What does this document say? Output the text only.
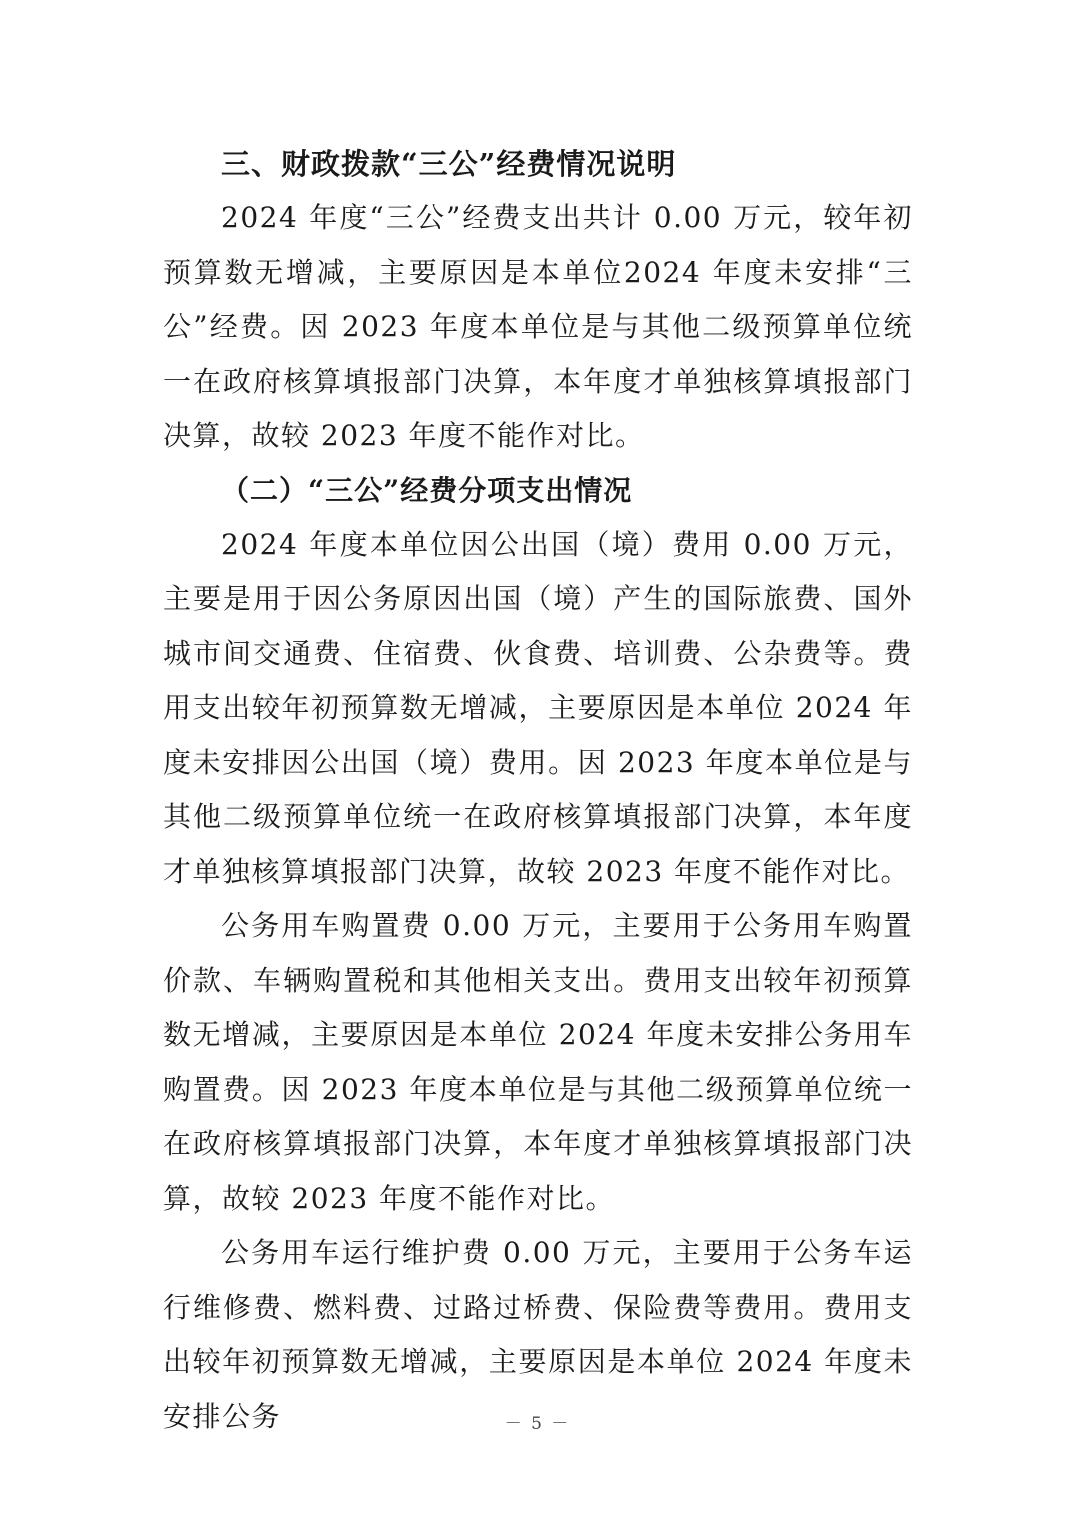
三、财政拨款“三公”经费情况说明

2024 年度“三公”经费支出共计 0.00 万元，较年初预算数无增减，主要原因是本单位2024 年度未安排“三公”经费。因 2023 年度本单位是与其他二级预算单位统一在政府核算填报部门决算，本年度才单独核算填报部门决算，故较 2023 年度不能作对比。

（二）“三公”经费分项支出情况

2024 年度本单位因公出国（境）费用 0.00 万元，主要是用于因公务原因出国（境）产生的国际旅费、国外城市间交通费、住宿费、伙食费、培训费、公杂费等。费用支出较年初预算数无增减，主要原因是本单位 2024 年度未安排因公出国（境）费用。因 2023 年度本单位是与其他二级预算单位统一在政府核算填报部门决算，本年度才单独核算填报部门决算，故较 2023 年度不能作对比。

公务用车购置费 0.00 万元，主要用于公务用车购置价款、车辆购置税和其他相关支出。费用支出较年初预算数无增减，主要原因是本单位 2024 年度未安排公务用车购置费。因 2023 年度本单位是与其他二级预算单位统一在政府核算填报部门决算，本年度才单独核算填报部门决算，故较 2023 年度不能作对比。

公务用车运行维护费 0.00 万元，主要用于公务车运行维修费、燃料费、过路过桥费、保险费等费用。费用支出较年初预算数无增减，主要原因是本单位 2024 年度未安排公务	－ 5 －
